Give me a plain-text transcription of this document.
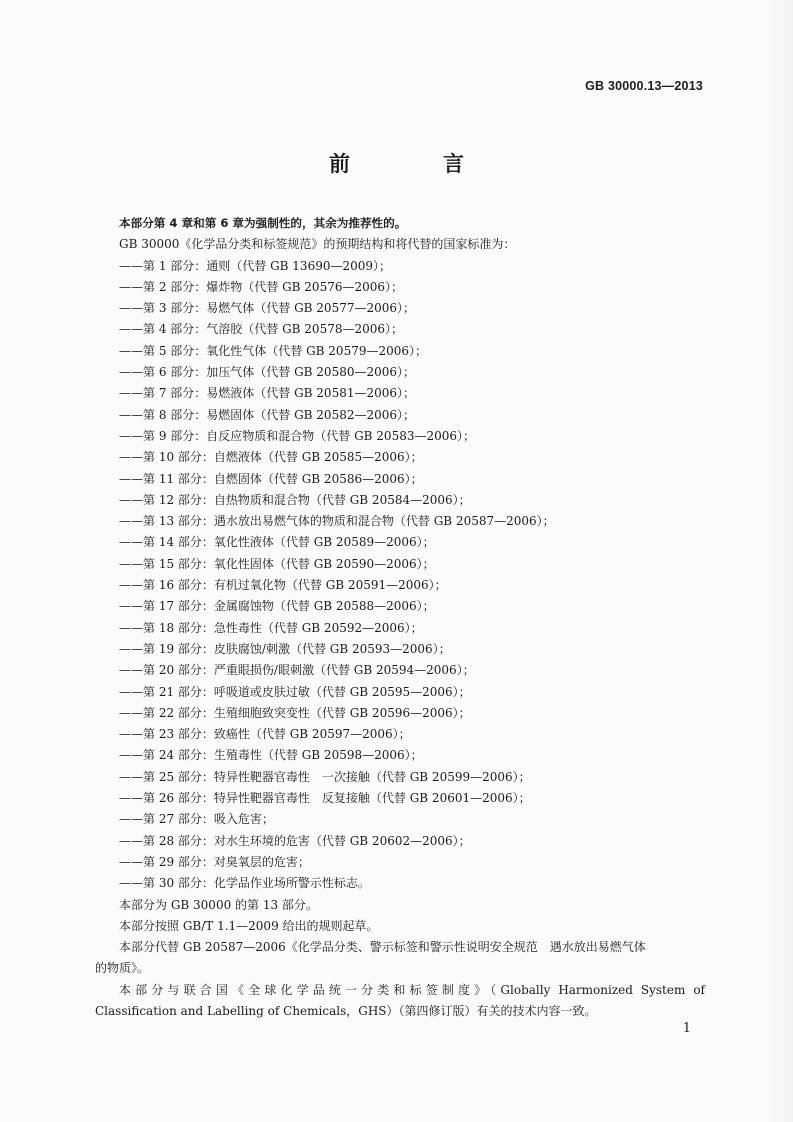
GB 30000.13—2013
前　言
本部分第 4 章和第 6 章为强制性的，其余为推荐性的。
GB 30000《化学品分类和标签规范》的预期结构和将代替的国家标准为：
——第 1 部分：通则（代替 GB 13690—2009）；
——第 2 部分：爆炸物（代替 GB 20576—2006）；
——第 3 部分：易燃气体（代替 GB 20577—2006）；
——第 4 部分：气溶胶（代替 GB 20578—2006）；
——第 5 部分：氧化性气体（代替 GB 20579—2006）；
——第 6 部分：加压气体（代替 GB 20580—2006）；
——第 7 部分：易燃液体（代替 GB 20581—2006）；
——第 8 部分：易燃固体（代替 GB 20582—2006）；
——第 9 部分：自反应物质和混合物（代替 GB 20583—2006）；
——第 10 部分：自燃液体（代替 GB 20585—2006）；
——第 11 部分：自燃固体（代替 GB 20586—2006）；
——第 12 部分：自热物质和混合物（代替 GB 20584—2006）；
——第 13 部分：遇水放出易燃气体的物质和混合物（代替 GB 20587—2006）；
——第 14 部分：氧化性液体（代替 GB 20589—2006）；
——第 15 部分：氧化性固体（代替 GB 20590—2006）；
——第 16 部分：有机过氧化物（代替 GB 20591—2006）；
——第 17 部分：金属腐蚀物（代替 GB 20588—2006）；
——第 18 部分：急性毒性（代替 GB 20592—2006）；
——第 19 部分：皮肤腐蚀/刺激（代替 GB 20593—2006）；
——第 20 部分：严重眼损伤/眼刺激（代替 GB 20594—2006）；
——第 21 部分：呼吸道或皮肤过敏（代替 GB 20595—2006）；
——第 22 部分：生殖细胞致突变性（代替 GB 20596—2006）；
——第 23 部分：致癌性（代替 GB 20597—2006）；
——第 24 部分：生殖毒性（代替 GB 20598—2006）；
——第 25 部分：特异性靶器官毒性　一次接触（代替 GB 20599—2006）；
——第 26 部分：特异性靶器官毒性　反复接触（代替 GB 20601—2006）；
——第 27 部分：吸入危害；
——第 28 部分：对水生环境的危害（代替 GB 20602—2006）；
——第 29 部分：对臭氧层的危害；
——第 30 部分：化学品作业场所警示性标志。
本部分为 GB 30000 的第 13 部分。
本部分按照 GB/T 1.1—2009 给出的规则起草。
本部分代替 GB 20587—2006《化学品分类、警示标签和警示性说明安全规范　遇水放出易燃气体
的物质》。
本部分与联合国《全球化学品统一分类和标签制度》（Globally Harmonized System of
Classification and Labelling of Chemicals，GHS）（第四修订版）有关的技术内容一致。
1
